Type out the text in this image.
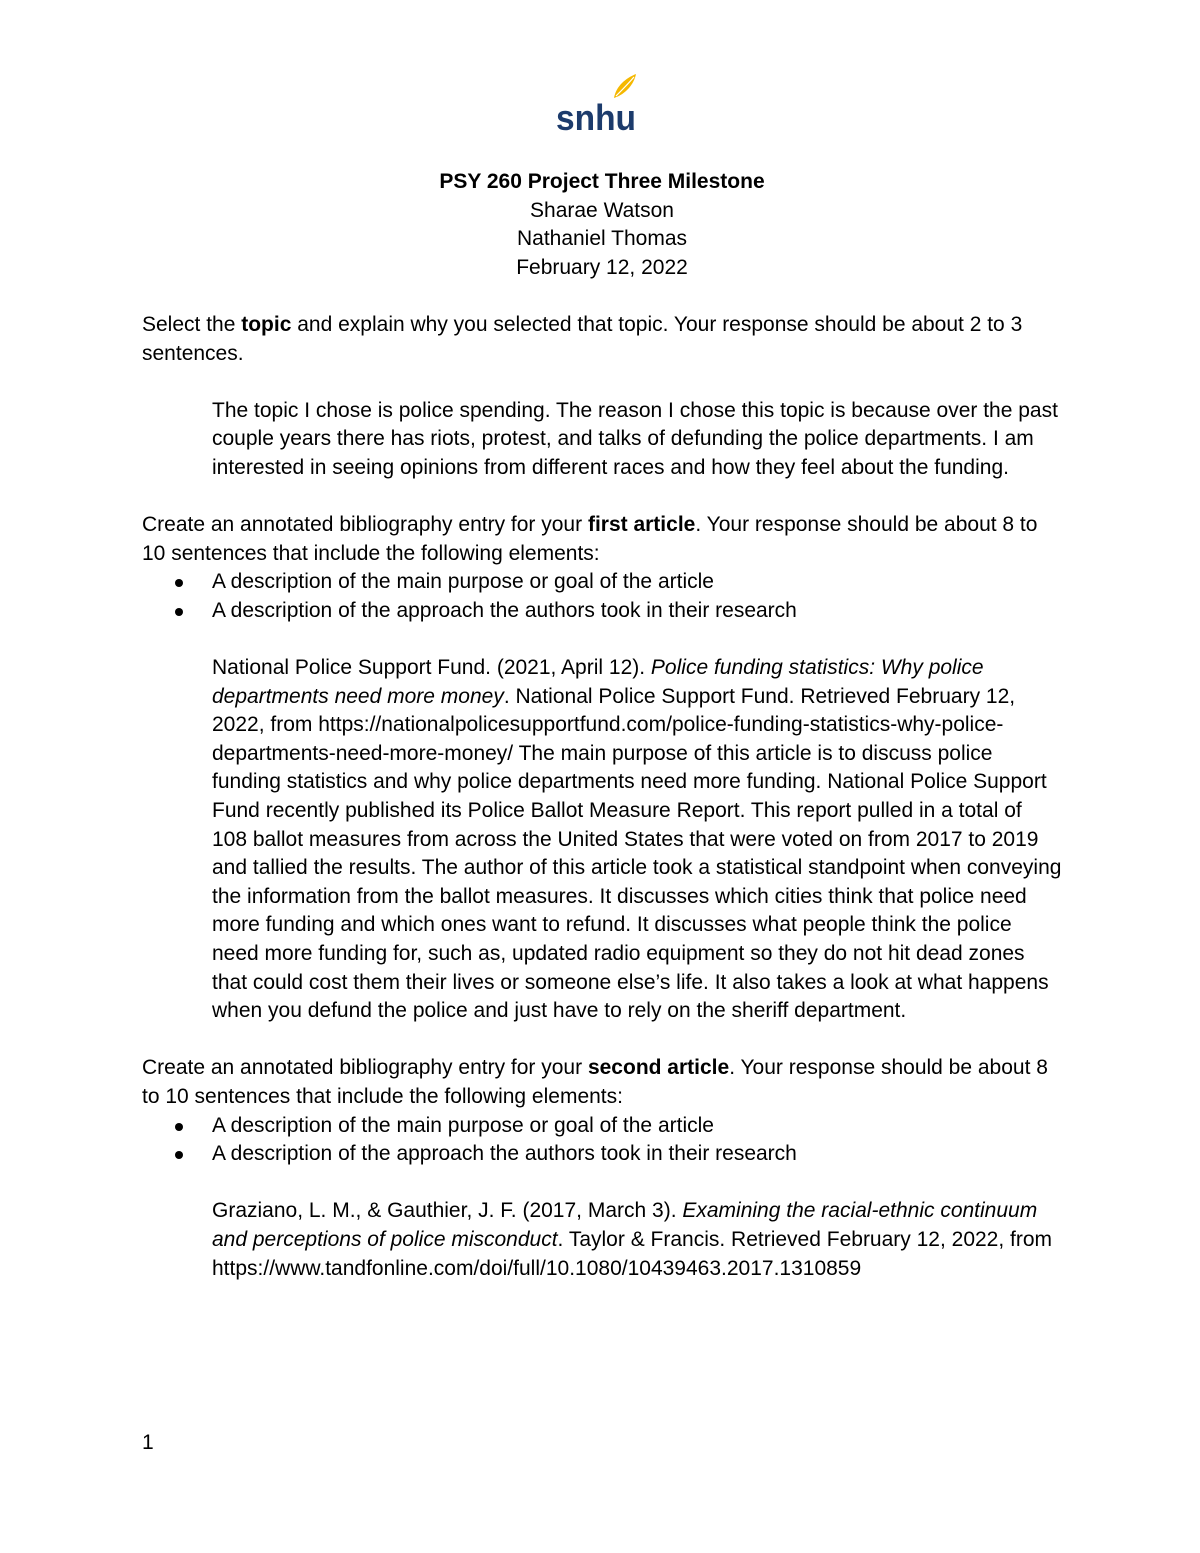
snhu
PSY 260 Project Three Milestone
Sharae Watson
Nathaniel Thomas
February 12, 2022

Select the topic and explain why you selected that topic. Your response should be about 2 to 3 sentences.

The topic I chose is police spending. The reason I chose this topic is because over the past couple years there has riots, protest, and talks of defunding the police departments. I am interested in seeing opinions from different races and how they feel about the funding.

Create an annotated bibliography entry for your first article. Your response should be about 8 to 10 sentences that include the following elements:

A description of the main purpose or goal of the article
A description of the approach the authors took in their research

National Police Support Fund. (2021, April 12). Police funding statistics: Why police departments need more money. National Police Support Fund. Retrieved February 12, 2022, from https://nationalpolicesupportfund.com/police-funding-statistics-why-police-departments-need-more-money/ The main purpose of this article is to discuss police funding statistics and why police departments need more funding. National Police Support Fund recently published its Police Ballot Measure Report. This report pulled in a total of 108 ballot measures from across the United States that were voted on from 2017 to 2019 and tallied the results. The author of this article took a statistical standpoint when conveying the information from the ballot measures. It discusses which cities think that police need more funding and which ones want to refund. It discusses what people think the police need more funding for, such as, updated radio equipment so they do not hit dead zones that could cost them their lives or someone else’s life. It also takes a look at what happens when you defund the police and just have to rely on the sheriff department.

Create an annotated bibliography entry for your second article. Your response should be about 8 to 10 sentences that include the following elements:

A description of the main purpose or goal of the article
A description of the approach the authors took in their research

Graziano, L. M., & Gauthier, J. F. (2017, March 3). Examining the racial-ethnic continuum and perceptions of police misconduct. Taylor & Francis. Retrieved February 12, 2022, from https://www.tandfonline.com/doi/full/10.1080/10439463.2017.1310859

1
